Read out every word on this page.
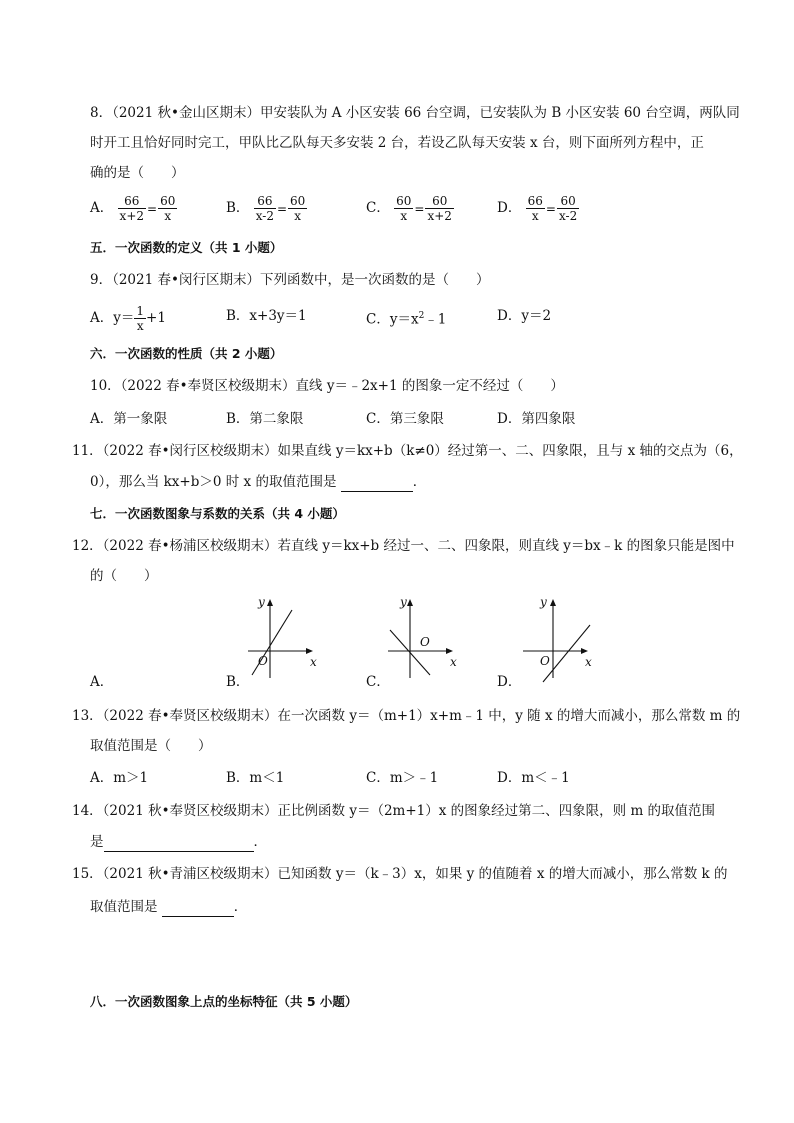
8．（2021 秋•金山区期末）甲安装队为 A 小区安装 66 台空调，已安装队为 B 小区安装 60 台空调，两队同
时开工且恰好同时完工，甲队比乙队每天多安装 2 台，若设乙队每天安装 x 台，则下面所列方程中，正
确的是（　　）
A． $\frac{66}{x+2} = \frac{60}{x}$	B． $\frac{66}{x-2} = \frac{60}{x}$	C． $\frac{60}{x} = \frac{60}{x+2}$	D． $\frac{66}{x} = \frac{60}{x-2}$
五．一次函数的定义（共 1 小题）
9．（2021 春•闵行区期末）下列函数中，是一次函数的是（　　）
A．$y= \frac{1}{x} +1$	B．x+3y＝1	C．$y=x^2﹣1$	D．y＝2
六．一次函数的性质（共 2 小题）
10．（2022 春•奉贤区校级期末）直线 y＝﹣2x+1 的图象一定不经过（　　）
A．第一象限	B．第二象限	C．第三象限	D．第四象限
11．（2022 春•闵行区校级期末）如果直线 y＝kx+b（k≠0）经过第一、二、四象限，且与 x 轴的交点为（6，
0），那么当 kx+b＞0 时 x 的取值范围是	．
七．一次函数图象与系数的关系（共 4 小题）
12．（2022 春•杨浦区校级期末）若直线 y＝kx+b 经过一、二、四象限，则直线 y＝bx﹣k 的图象只能是图中
的（　　）
y
x
O
y
x
O
y
x
O
A．	B．	C．	D．
13．（2022 春•奉贤区校级期末）在一次函数 y＝（m+1）x+m﹣1 中，y 随 x 的增大而减小，那么常数 m 的
取值范围是（　　）
A．m＞1	B．m＜1	C．m＞﹣1	D．m＜﹣1
14．（2021 秋•奉贤区校级期末）正比例函数 y＝（2m+1）x 的图象经过第二、四象限，则 m 的取值范围
是	．
15．（2021 秋•青浦区校级期末）已知函数 y＝（k﹣3）x，如果 y 的值随着 x 的增大而减小，那么常数 k 的
取值范围是	．
八．一次函数图象上点的坐标特征（共 5 小题）
